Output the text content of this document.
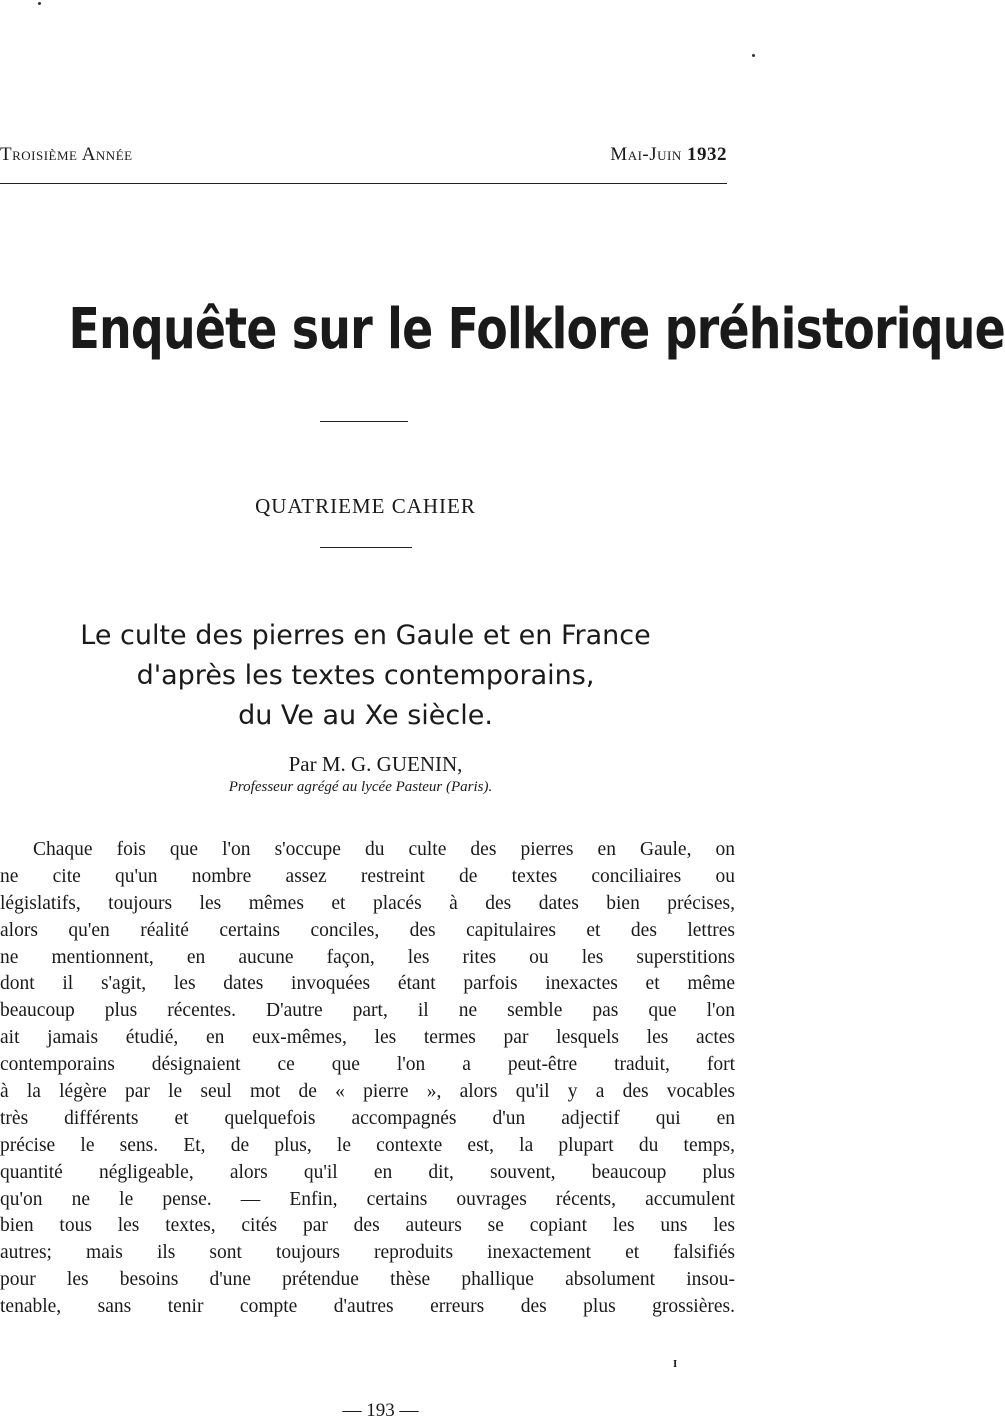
Troisième Année	Mai-Juin 1932
Enquête sur le Folklore préhistorique
QUATRIEME CAHIER
Le culte des pierres en Gaule et en France
d'après les textes contemporains,
du Ve au Xe siècle.
Par M. G. GUENIN,
Professeur agrégé au lycée Pasteur (Paris).
Chaque fois que l'on s'occupe du culte des pierres en Gaule, on
ne cite qu'un nombre assez restreint de textes conciliaires ou
législatifs, toujours les mêmes et placés à des dates bien précises,
alors qu'en réalité certains conciles, des capitulaires et des lettres
ne mentionnent, en aucune façon, les rites ou les superstitions
dont il s'agit, les dates invoquées étant parfois inexactes et même
beaucoup plus récentes. D'autre part, il ne semble pas que l'on
ait jamais étudié, en eux-mêmes, les termes par lesquels les actes
contemporains désignaient ce que l'on a peut-être traduit, fort
à la légère par le seul mot de « pierre », alors qu'il y a des vocables
très différents et quelquefois accompagnés d'un adjectif qui en
précise le sens. Et, de plus, le contexte est, la plupart du temps,
quantité négligeable, alors qu'il en dit, souvent, beaucoup plus
qu'on ne le pense. — Enfin, certains ouvrages récents, accumulent
bien tous les textes, cités par des auteurs se copiant les uns les
autres; mais ils sont toujours reproduits inexactement et falsifiés
pour les besoins d'une prétendue thèse phallique absolument insou-
tenable, sans tenir compte d'autres erreurs des plus grossières.
I
— 193 —
